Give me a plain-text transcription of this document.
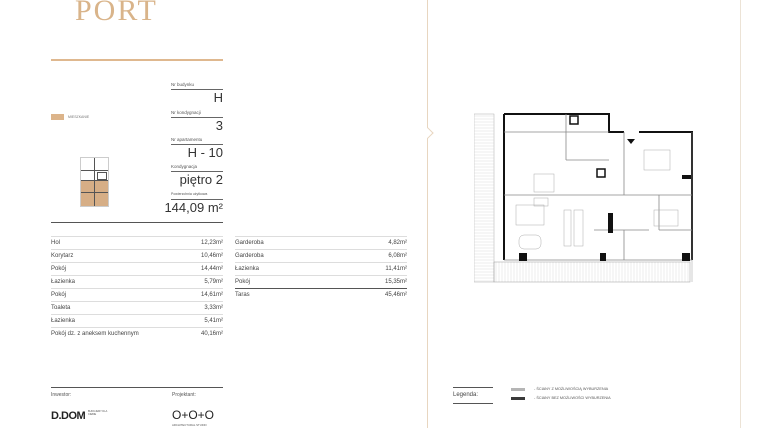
PORT
MIESZKANIE
Nr budynku
H
Nr kondygnacji
3
Nr apartamentu
H - 10
Kondygnacja
piętro 2
Powierzchnia użytkowa
144,09 m²
Hol	12,23m²
Korytarz	10,46m²
Pokój	14,44m²
Łazienka	5,79m²
Pokój	14,61m²
Toaleta	3,33m²
Łazienka	5,41m²
Pokój dz. z aneksem kuchennym	40,16m²
Garderoba	4,82m²
Garderoba	6,08m²
Łazienka	11,41m²
Pokój	15,35m²
Taras	45,46m²
Inwestor:	Projektant:
D.DOM BUDUJEMY DLA CIEBIE	O+O+O
ARCHITECTURAL STUDIO
Legenda:
- ŚCIANY Z MOŻLIWOŚCIĄ WYBURZENIA
- ŚCIANY BEZ MOŻLIWOŚCI WYBURZENIA
